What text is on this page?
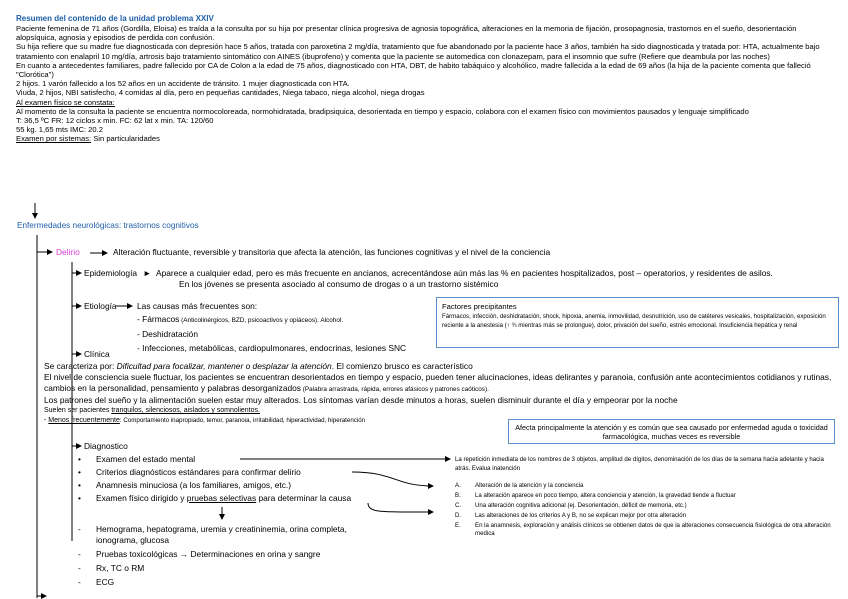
Resumen del contenido de la unidad problema XXIV
Paciente femenina de 71 años (Gordilla, Eloisa) es traída a la consulta por su hija por presentar clínica progresiva de agnosia topográfica, alteraciones en la memoria de fijación, prosopagnosia, trastornos en el sueño, desorientación alopsíquica, agnosia y episodios de perdida con confusión.
Su hija refiere que su madre fue diagnosticada con depresión hace 5 años, tratada con paroxetina 2 mg/día, tratamiento que fue abandonado por la paciente hace 3 años, también ha sido diagnosticada y tratada por: HTA, actualmente bajo tratamiento con enalapril 10 mg/día, artrosis bajo tratamiento sintomático con AINES (ibuprofeno) y comenta que la paciente se automedica con clonazepam, para el insomnio que sufre (Refiere que deambula por las noches)
En cuanto a antecedentes familiares, padre fallecido por CA de Colon a la edad de 75 años, diagnosticado con HTA, DBT, de habito tabáquico y alcohólico, madre fallecida a la edad de 69 años (la hija de la paciente comenta que falleció "Clorótica")
2 hijos. 1 varón fallecido a los 52 años en un accidente de tránsito. 1 mujer diagnosticada con HTA.
Viuda, 2 hijos, NBI satisfecho, 4 comidas al día, pero en pequeñas cantidades, Niega tabaco, niega alcohol, niega drogas
Al examen físico se constata:
Al momento de la consulta la paciente se encuentra normocoloreada, normohidratada, bradipsiquica, desorientada en tiempo y espacio, colabora con el examen físico con movimientos pausados y lenguaje simplificado
T: 36,5 ºC FR: 12 ciclos x min. FC: 62 lat x min. TA: 120/60
55 kg. 1,65 mts IMC: 20.2
Examen por sistemas: Sin particularidades
Enfermedades neurológicas: trastornos cognitivos
Delirio	Alteración fluctuante, reversible y transitoria que afecta la atención, las funciones cognitivas y el nivel de la conciencia
Epidemiología ► Aparece a cualquier edad, pero es más frecuente en ancianos, acrecentándose aún más las % en pacientes hospitalizados, post – operatorios, y residentes de asilos.
En los jóvenes se presenta asociado al consumo de drogas o a un trastorno sistémico
Etiología Las causas más frecuentes son:
- Fármacos (Anticolinérgicos, BZD, psicoactivos y opiáceos). Alcohol.
- Deshidratación
- Infecciones, metabólicas, cardiopulmonares, endocrinas, lesiones SNC
Factores precipitantes
Fármacos, infección, deshidratación, shock, hipoxia, anemia, inmovilidad, desnutrición, uso de catéteres vesicales, hospitalización, exposición reciente a la anestesia (↑ ¾ mientras más se prolongue), dolor, privación del sueño, estrés emocional. Insuficiencia hepática y renal
Clínica
Se caracteriza por: Dificultad para focalizar, mantener o desplazar la atención. El comienzo brusco es característico
El nivel de consciencia suele fluctuar, los pacientes se encuentran desorientados en tiempo y espacio, pueden tener alucinaciones, ideas delirantes y paranoia, confusión ante acontecimientos cotidianos y rutinas, cambios en la personalidad, pensamiento y palabras desorganizados (Palabra arrastrada, rápida, errores afásicos y patrones caóticos).
Los patrones del sueño y la alimentación suelen estar muy alterados. Los síntomas varían desde minutos a horas, suelen disminuir durante el día y empeorar por la noche
Suelen ser pacientes tranquilos, silenciosos, aislados y somnolientos.
- Menos frecuentemente: Comportamiento inapropiado, temor, paranoia, irritabilidad, hiperactividad, hiperatención
Afecta principalmente la atención y es común que sea causado por enfermedad aguda o toxicidad farmacológica, muchas veces es reversible
Diagnostico
• Examen del estado mental
• Criterios diagnósticos estándares para confirmar delirio
• Anamnesis minuciosa (a los familiares, amigos, etc.)
• Examen físico dirigido y pruebas selectivas para determinar la causa
- Hemograma, hepatograma, uremia y creatininemia, orina completa, ionograma, glucosa
- Pruebas toxicológicas → Determinaciones en orina y sangre
- Rx, TC o RM
- ECG
La repetición inmediata de los nombres de 3 objetos, amplitud de dígitos, denominación de los días de la semana hacia adelante y hacia atrás. Evalua inatención
A. Alteración de la atención y la conciencia
B. La alteración aparece en poco tiempo, altera conciencia y atención, la gravedad tiende a fluctuar
C. Una alteración cognitiva adicional (ej. Desorientación, déficit de memoria, etc.)
D. Las alteraciones de los criterios A y B, no se explican mejor por otra alteración
E. En la anamnesis, exploración y análisis clínicos se obtienen datos de que la alteraciones consecuencia fisiológica de otra alteración medica
